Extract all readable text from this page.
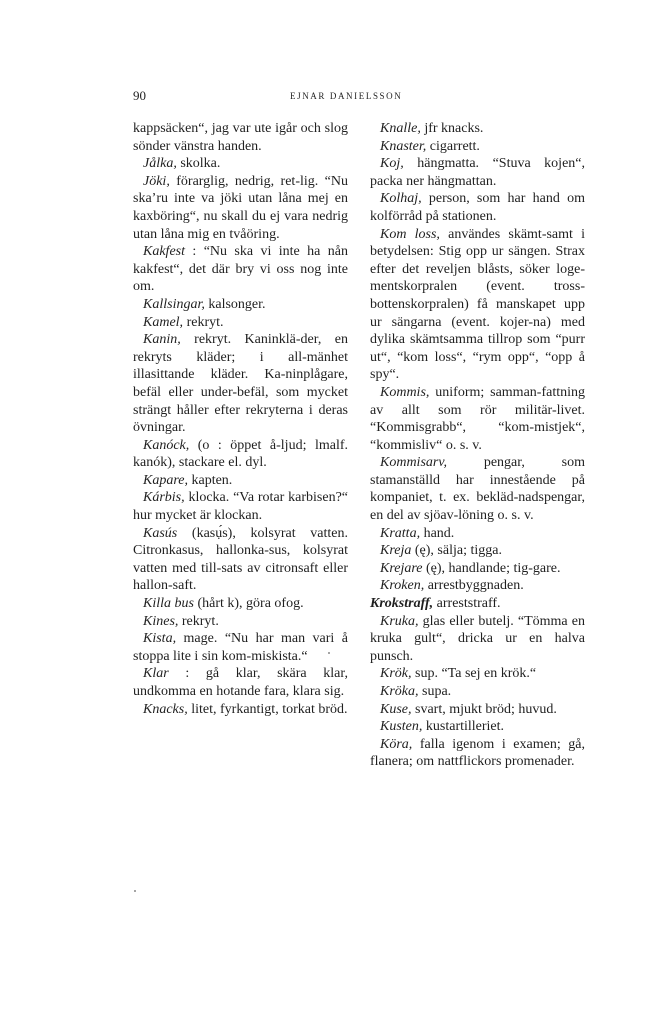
90	EJNAR DANIELSSON

kappsäcken“, jag var ute igår och slog sönder vänstra handen.

Jålka, skolka.

Jöki, förarglig, nedrig, ret-lig. “Nu ska’ru inte va jöki utan låna mej en kaxböring“, nu skall du ej vara nedrig utan låna mig en tvåöring.

Kakfest : “Nu ska vi inte ha nån kakfest“, det där bry vi oss nog inte om.

Kallsingar, kalsonger.

Kamel, rekryt.

Kanin, rekryt. Kaninklä-der, en rekryts kläder; i all-mänhet illasittande kläder. Ka-ninplågare, befäl eller under-befäl, som mycket strängt håller efter rekryterna i deras övningar.

Kanóck, (o : öppet å-ljud; lmalf. kanók), stackare el. dyl.

Kapare, kapten.

Kárbis, klocka. “Va rotar karbisen?“ hur mycket är klockan.

Kasús (kasụ́s), kolsyrat vatten. Citronkasus, hallonka-sus, kolsyrat vatten med till-sats av citronsaft eller hallon-saft.

Killa bus (hårt k), göra ofog.

Kines, rekryt.

Kista, mage. “Nu har man vari å stoppa lite i sin kom-miskista.“

Klar : gå klar, skära klar, undkomma en hotande fara, klara sig.

Knacks, litet, fyrkantigt, torkat bröd.

Knalle, jfr knacks.

Knaster, cigarrett.

Koj, hängmatta. “Stuva kojen“, packa ner hängmattan.

Kolhaj, person, som har hand om kolförråd på stationen.

Kom loss, användes skämt-samt i betydelsen: Stig opp ur sängen. Strax efter det reveljen blåsts, söker loge-mentskorpralen (event. tross-bottenskorpralen) få manskapet upp ur sängarna (event. kojer-na) med dylika skämtsamma tillrop som “purr ut“, “kom loss“, “rym opp“, “opp å spy“.

Kommis, uniform; samman-fattning av allt som rör militär-livet. “Kommisgrabb“, “kom-mistjek“, “kommisliv“ o. s. v.

Kommisarv, pengar, som stamanställd har innestående på kompaniet, t. ex. bekläd-nadspengar, en del av sjöav-löning o. s. v.

Kratta, hand.

Kreja (ę), sälja; tigga.

Krejare (ę), handlande; tig-gare.

Kroken, arrestbyggnaden.

Krokstraff, arreststraff.

Kruka, glas eller butelj. “Tömma en kruka gult“, dricka ur en halva punsch.

Krök, sup. “Ta sej en krök.“

Kröka, supa.

Kuse, svart, mjukt bröd; huvud.

Kusten, kustartilleriet.

Köra, falla igenom i examen; gå, flanera; om nattflickors promenader.
